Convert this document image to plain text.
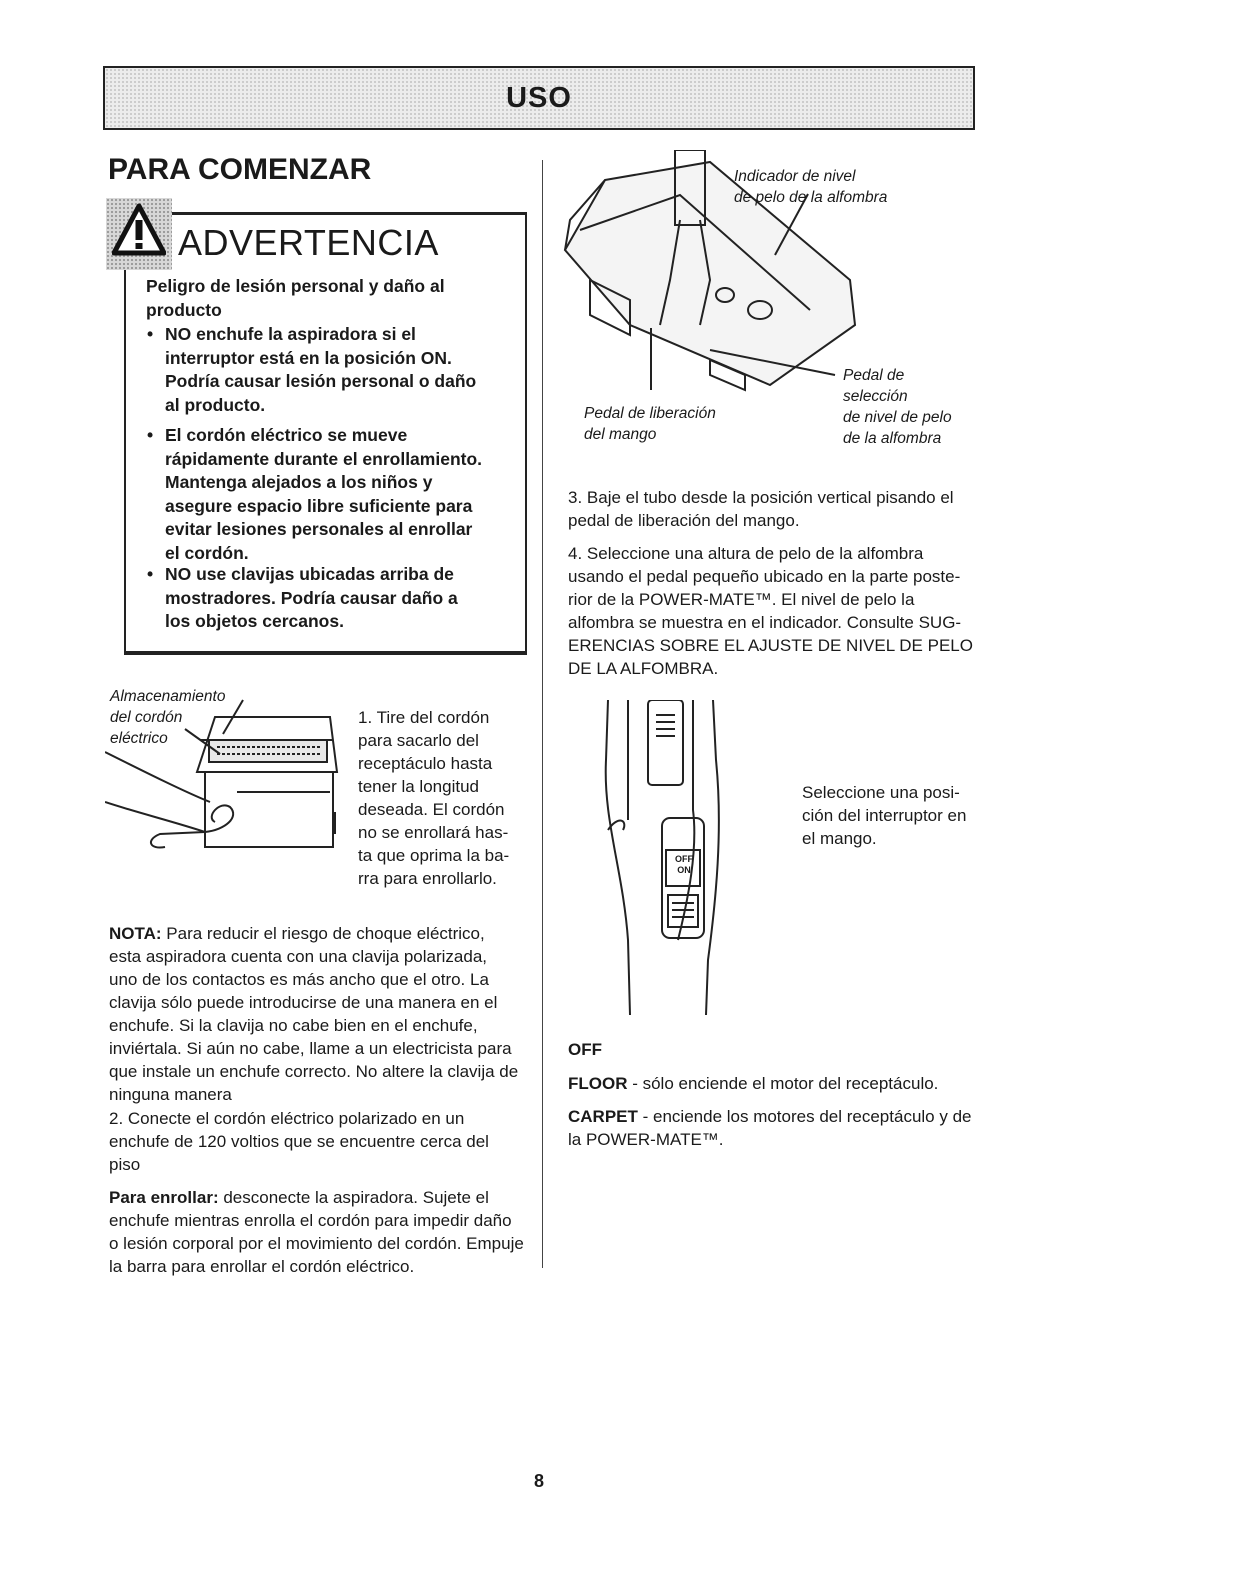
USO
PARA COMENZAR
ADVERTENCIA
Peligro de lesión personal y daño al producto
• NO enchufe la aspiradora si el interruptor está en la posición ON. Podría causar lesión personal o daño al producto.
• El cordón eléctrico se mueve rápidamente durante el enrollamiento. Mantenga alejados a los niños y asegure espacio libre suficiente para evitar lesiones personales al enrollar el cordón.
• NO use clavijas ubicadas arriba de mostradores. Podría causar daño a los objetos cercanos.
Almacenamiento
del cordón
eléctrico
1. Tire del cordón para sacarlo del receptáculo hasta tener la longitud deseada. El cordón no se enrollará has- ta que oprima la ba- rra para enrollarlo.
NOTA: Para reducir el riesgo de choque eléctrico, esta aspiradora cuenta con una clavija polarizada, uno de los contactos es más ancho que el otro. La clavija sólo puede introducirse de una manera en el enchufe. Si la clavija no cabe bien en el enchufe, inviértala. Si aún no cabe, llame a un electricista para que instale un enchufe correcto. No altere la clavija de ninguna manera
2. Conecte el cordón eléctrico polarizado en un enchufe de 120 voltios que se encuentre cerca del piso
Para enrollar: desconecte la aspiradora. Sujete el enchufe mientras enrolla el cordón para impedir daño o lesión corporal por el movimiento del cordón. Empuje la barra para enrollar el cordón eléctrico.
Indicador de nivel
de pelo de la alfombra
Pedal de liberación
del mango
Pedal de
selección
de nivel de pelo
de la alfombra
3. Baje el tubo desde la posición vertical pisando el pedal de liberación del mango.
4. Seleccione una altura de pelo de la alfombra usando el pedal pequeño ubicado en la parte poste- rior de la POWER-MATE™. El nivel de pelo la alfombra se muestra en el indicador. Consulte SUG- ERENCIAS SOBRE EL AJUSTE DE NIVEL DE PELO DE LA ALFOMBRA.
OFF
ON
Seleccione una posi- ción del interruptor en el mango.
OFF
FLOOR - sólo enciende el motor del receptáculo.
CARPET - enciende los motores del receptáculo y de la POWER-MATE™.
8
